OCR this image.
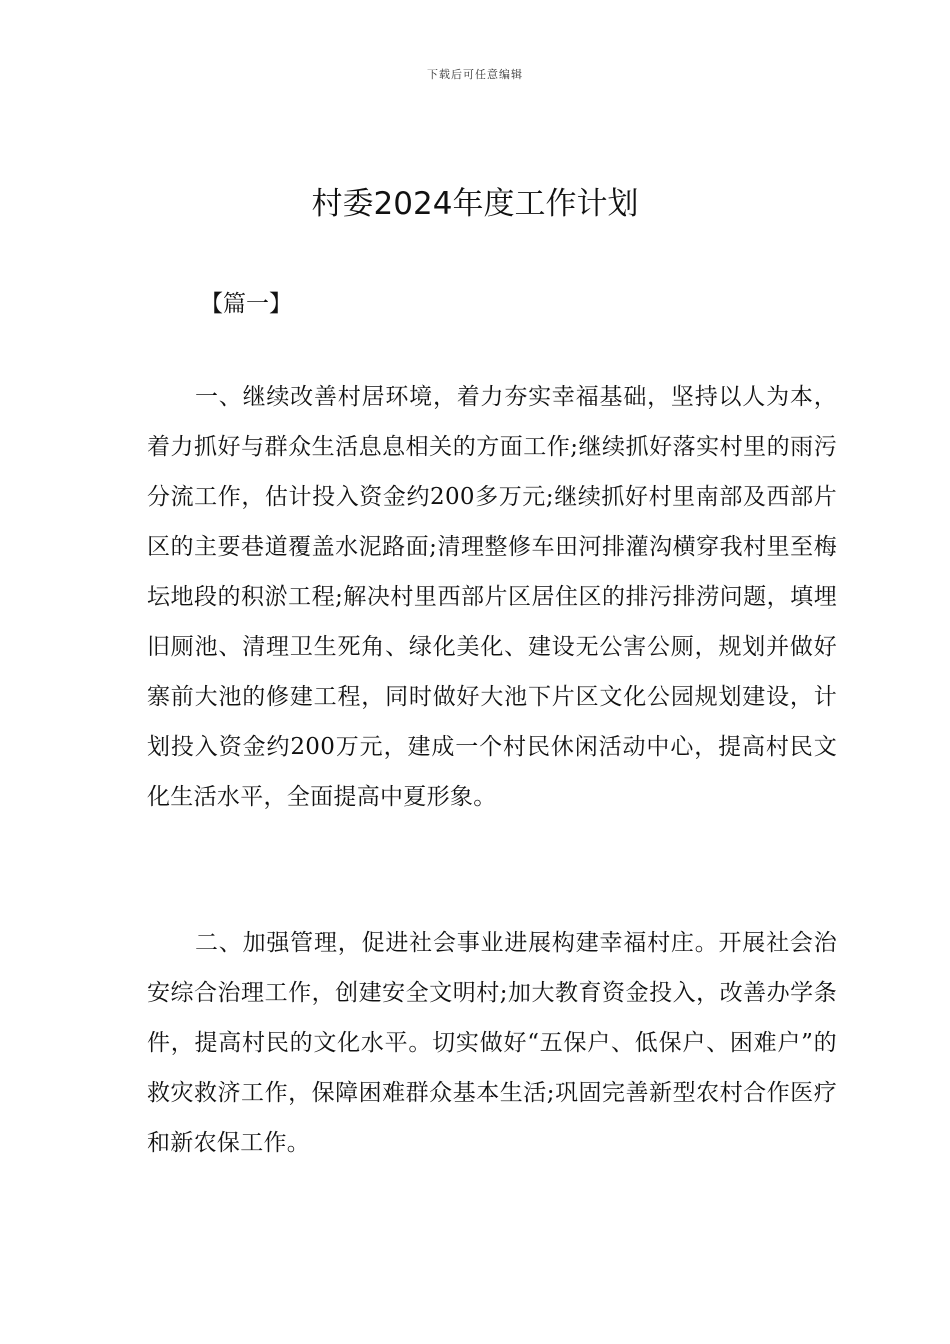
下载后可任意编辑
村委2024年度工作计划
【篇一】

一、继续改善村居环境，着力夯实幸福基础，坚持以人为本，着力抓好与群众生活息息相关的方面工作;继续抓好落实村里的雨污分流工作，估计投入资金约200多万元;继续抓好村里南部及西部片区的主要巷道覆盖水泥路面;清理整修车田河排灌沟横穿我村里至梅坛地段的积淤工程;解决村里西部片区居住区的排污排涝问题，填埋旧厕池、清理卫生死角、绿化美化、建设无公害公厕，规划并做好寨前大池的修建工程，同时做好大池下片区文化公园规划建设，计划投入资金约200万元，建成一个村民休闲活动中心，提高村民文化生活水平，全面提高中夏形象。

二、加强管理，促进社会事业进展构建幸福村庄。开展社会治安综合治理工作，创建安全文明村;加大教育资金投入，改善办学条件，提高村民的文化水平。切实做好“五保户、低保户、困难户”的救灾救济工作，保障困难群众基本生活;巩固完善新型农村合作医疗和新农保工作。
